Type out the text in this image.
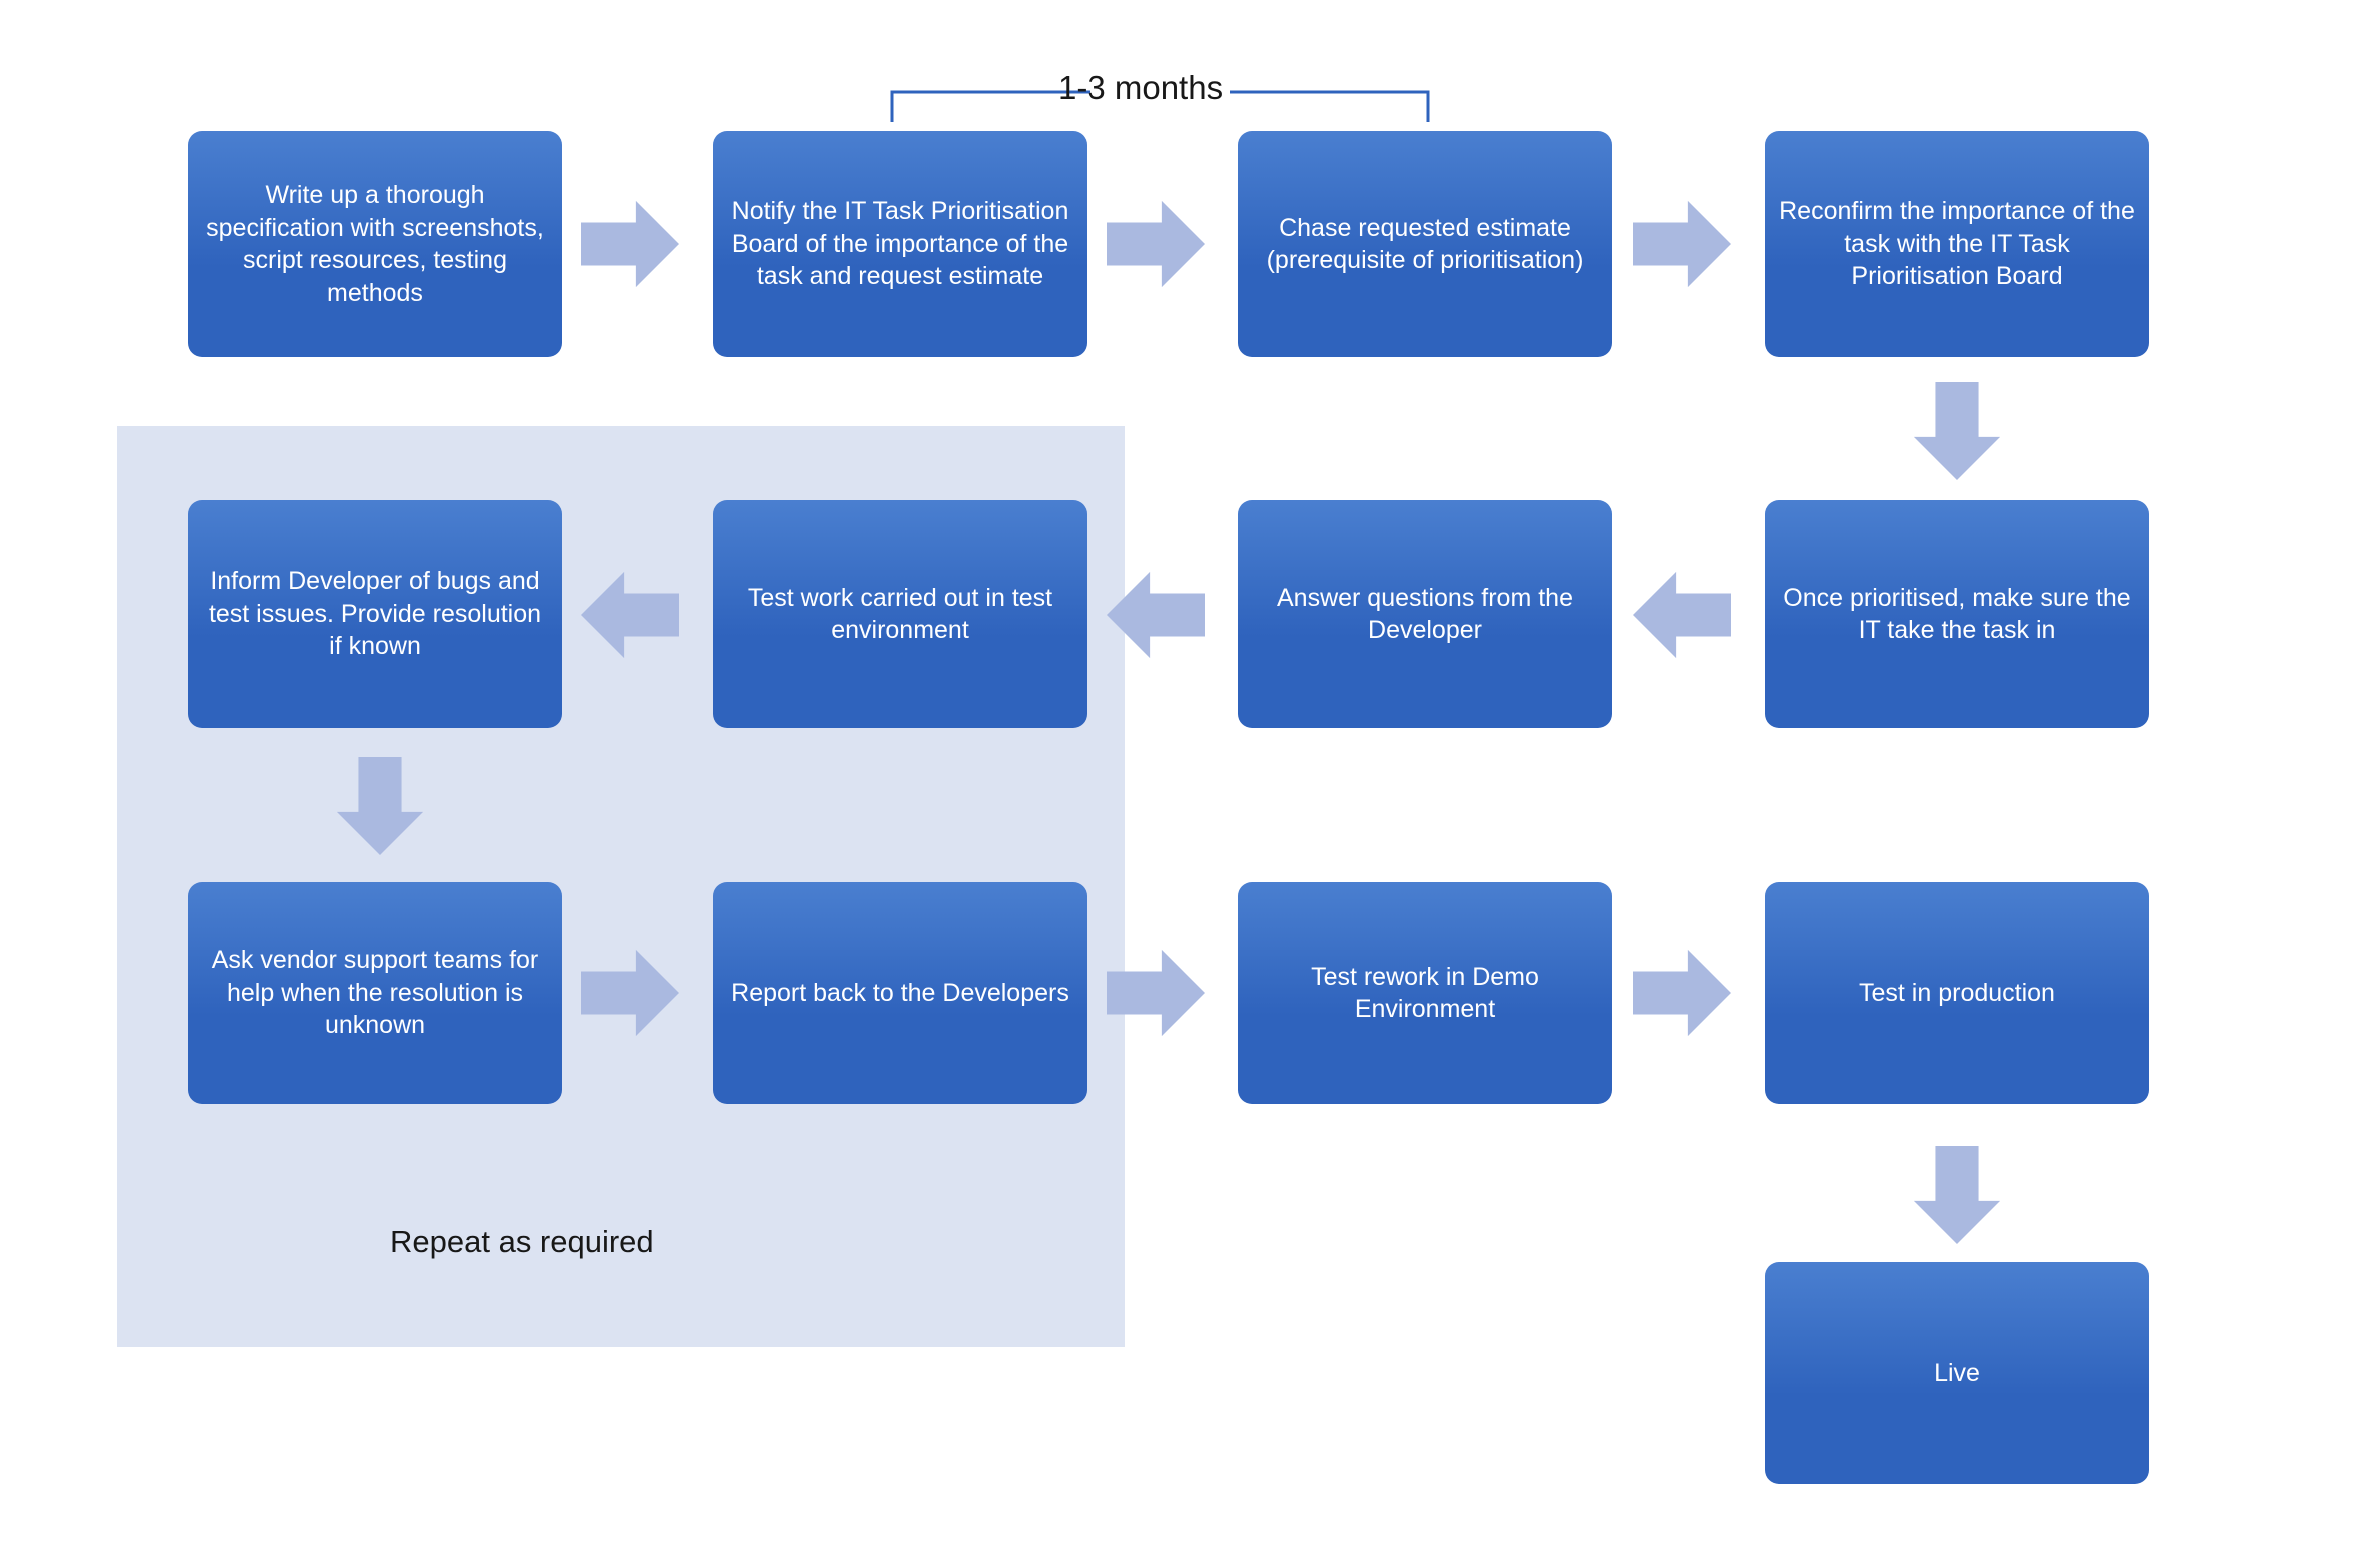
Repeat as required
1-3 months
Write up a thorough specification with screenshots, script resources, testing methods
Notify the IT Task Prioritisation Board of the importance of the task and request estimate
Chase requested estimate (prerequisite of prioritisation)
Reconfirm the importance of the task with the IT Task Prioritisation Board
Once prioritised, make sure the IT take the task in
Answer questions from the Developer
Test work carried out in test environment
Inform Developer of bugs and test issues. Provide resolution if known
Ask vendor support teams for help when the resolution is unknown
Report back to the Developers
Test rework in Demo Environment
Test in production
Live
